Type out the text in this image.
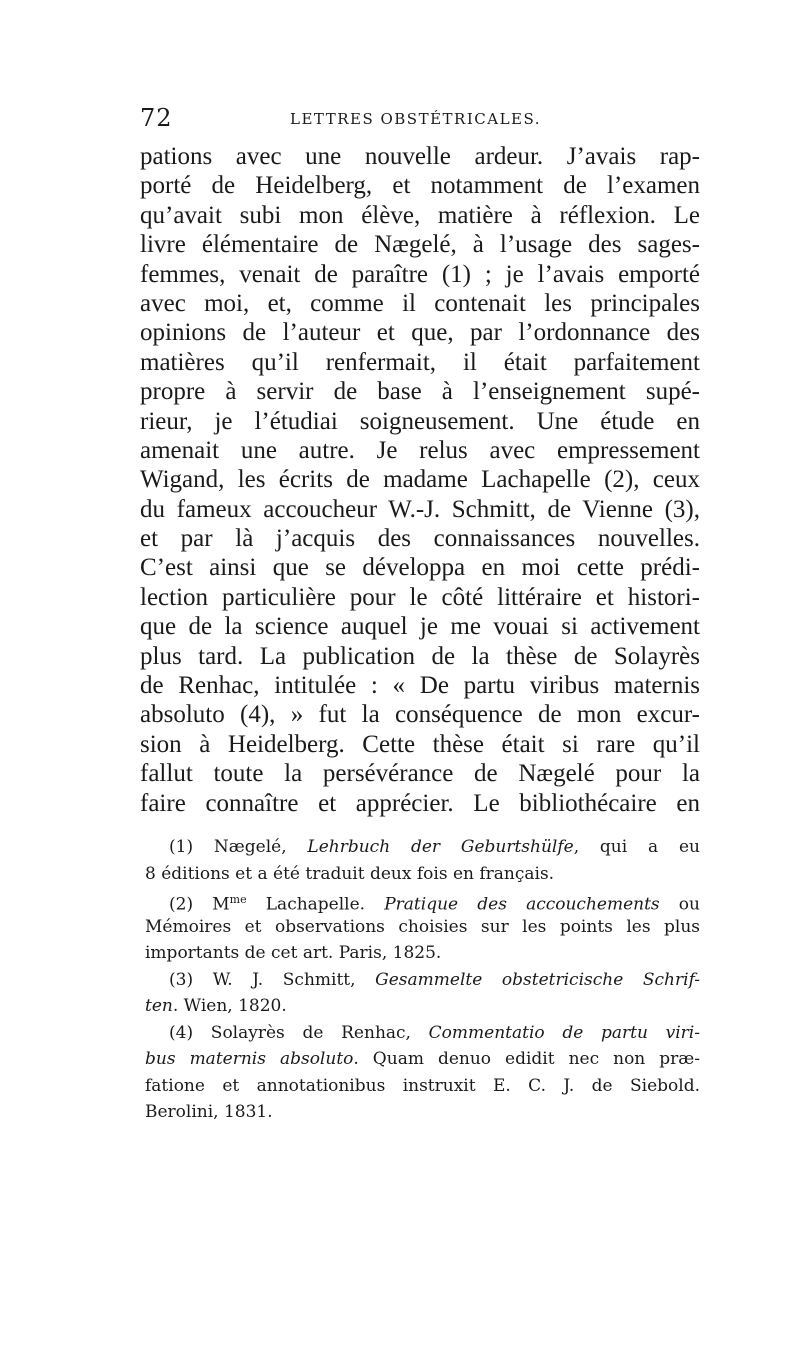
72	LETTRES OBSTÉTRICALES.
pations avec une nouvelle ardeur. J’avais rap-
porté de Heidelberg, et notamment de l’examen
qu’avait subi mon élève, matière à réflexion. Le
livre élémentaire de Nægelé, à l’usage des sages-
femmes, venait de paraître (1) ; je l’avais emporté
avec moi, et, comme il contenait les principales
opinions de l’auteur et que, par l’ordonnance des
matières qu’il renfermait, il était parfaitement
propre à servir de base à l’enseignement supé-
rieur, je l’étudiai soigneusement. Une étude en
amenait une autre. Je relus avec empressement
Wigand, les écrits de madame Lachapelle (2), ceux
du fameux accoucheur W.-J. Schmitt, de Vienne (3),
et par là j’acquis des connaissances nouvelles.
C’est ainsi que se développa en moi cette prédi-
lection particulière pour le côté littéraire et histori-
que de la science auquel je me vouai si activement
plus tard. La publication de la thèse de Solayrès
de Renhac, intitulée : « De partu viribus maternis
absoluto (4), » fut la conséquence de mon excur-
sion à Heidelberg. Cette thèse était si rare qu’il
fallut toute la persévérance de Nægelé pour la
faire connaître et apprécier. Le bibliothécaire en
(1) Nægelé, Lehrbuch der Geburtshülfe, qui a eu
8 éditions et a été traduit deux fois en français.
(2) $M^{me}$ Lachapelle. Pratique des accouchements ou
Mémoires et observations choisies sur les points les plus
importants de cet art. Paris, 1825.
(3) W. J. Schmitt, Gesammelte obstetricische Schrif-
ten. Wien, 1820.
(4) Solayrès de Renhac, Commentatio de partu viri-
bus maternis absoluto. Quam denuo edidit nec non præ-
fatione et annotationibus instruxit E. C. J. de Siebold.
Berolini, 1831.
